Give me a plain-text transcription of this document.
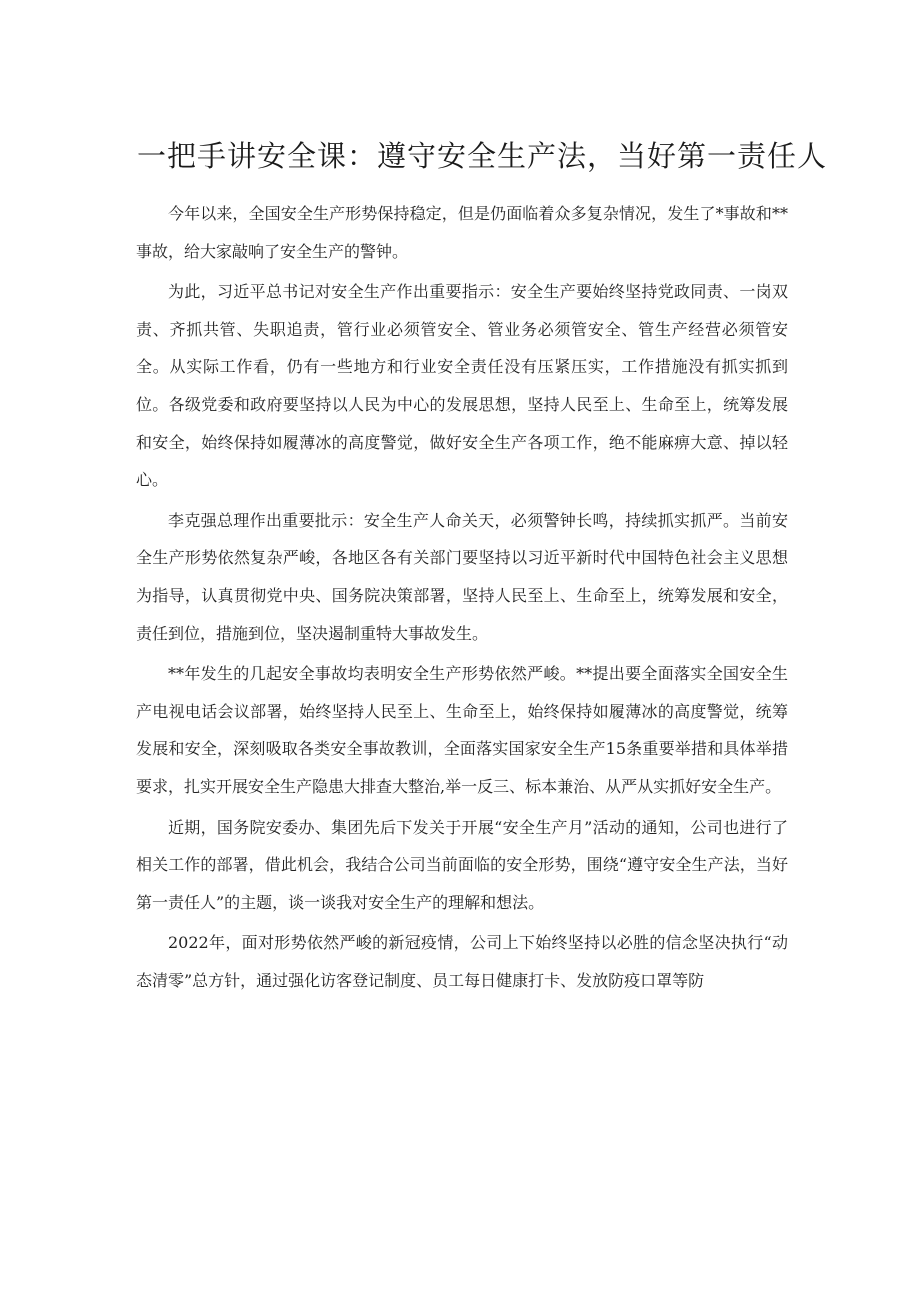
一把手讲安全课：遵守安全生产法，当好第一责任人

今年以来，全国安全生产形势保持稳定，但是仍面临着众多复杂情况，发生了*事故和**事故，给大家敲响了安全生产的警钟。

为此，习近平总书记对安全生产作出重要指示：安全生产要始终坚持党政同责、一岗双责、齐抓共管、失职追责，管行业必须管安全、管业务必须管安全、管生产经营必须管安全。从实际工作看，仍有一些地方和行业安全责任没有压紧压实，工作措施没有抓实抓到位。各级党委和政府要坚持以人民为中心的发展思想，坚持人民至上、生命至上，统筹发展和安全，始终保持如履薄冰的高度警觉，做好安全生产各项工作，绝不能麻痹大意、掉以轻心。

李克强总理作出重要批示：安全生产人命关天，必须警钟长鸣，持续抓实抓严。当前安全生产形势依然复杂严峻，各地区各有关部门要坚持以习近平新时代中国特色社会主义思想为指导，认真贯彻党中央、国务院决策部署，坚持人民至上、生命至上，统筹发展和安全，责任到位，措施到位，坚决遏制重特大事故发生。

**年发生的几起安全事故均表明安全生产形势依然严峻。**提出要全面落实全国安全生产电视电话会议部署，始终坚持人民至上、生命至上，始终保持如履薄冰的高度警觉，统筹发展和安全，深刻吸取各类安全事故教训，全面落实国家安全生产15条重要举措和具体举措要求，扎实开展安全生产隐患大排查大整治,举一反三、标本兼治、从严从实抓好安全生产。

近期，国务院安委办、集团先后下发关于开展“安全生产月”活动的通知，公司也进行了相关工作的部署，借此机会，我结合公司当前面临的安全形势，围绕“遵守安全生产法，当好第一责任人”的主题，谈一谈我对安全生产的理解和想法。

2022年，面对形势依然严峻的新冠疫情，公司上下始终坚持以必胜的信念坚决执行“动态清零”总方针，通过强化访客登记制度、员工每日健康打卡、发放防疫口罩等防
